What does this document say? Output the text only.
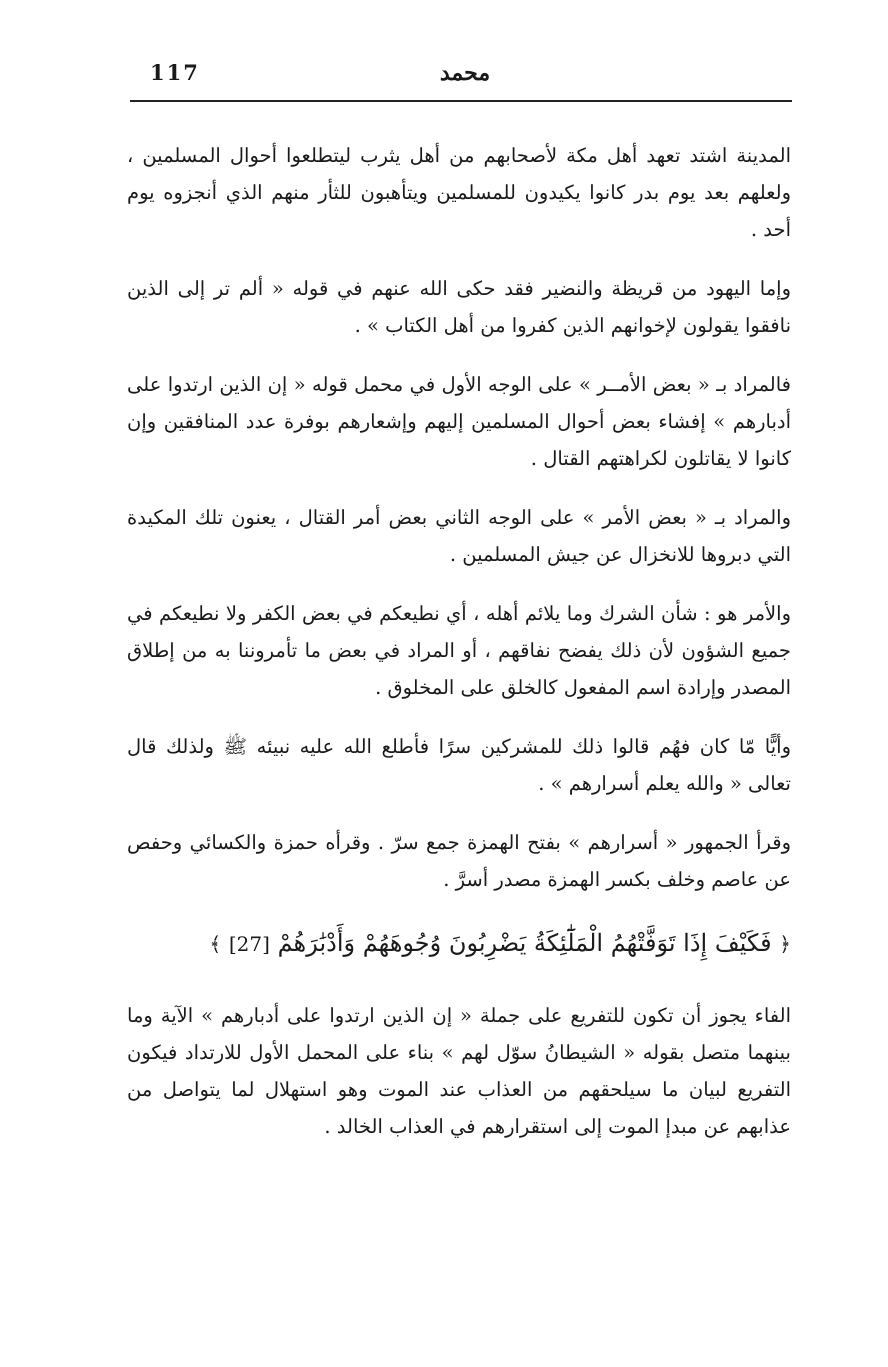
117	محمد

المدينة اشتد تعهد أهل مكة لأصحابهم من أهل يثرب ليتطلعوا أحوال المسلمين ، ولعلهم بعد يوم بدر كانوا يكيدون للمسلمين ويتأهبون للثأر منهم الذي أنجزوه يوم أحد .

وإما اليهود من قريظة والنضير فقد حكى الله عنهم في قوله « ألم تر إلى الذين نافقوا يقولون لإخوانهم الذين كفروا من أهل الكتاب » .

فالمراد بـ « بعض الأمــر » على الوجه الأول في محمل قوله « إن الذين ارتدوا على أدبارهم » إفشاء بعض أحوال المسلمين إليهم وإشعارهم بوفرة عدد المنافقين وإن كانوا لا يقاتلون لكراهتهم القتال .

والمراد بـ « بعض الأمر » على الوجه الثاني بعض أمر القتال ، يعنون تلك المكيدة التي دبروها للانخزال عن جيش المسلمين .

والأمر هو : شأن الشرك وما يلائم أهله ، أي نطيعكم في بعض الكفر ولا نطيعكم في جميع الشؤون لأن ذلك يفضح نفاقهم ، أو المراد في بعض ما تأمروننا به من إطلاق المصدر وإرادة اسم المفعول كالخلق على المخلوق .

وأيًّا مّا كان فهُم قالوا ذلك للمشركين سرًا فأطلع الله عليه نبيئه ﷺ ولذلك قال تعالى « والله يعلم أسرارهم » .

وقرأ الجمهور « أسرارهم » بفتح الهمزة جمع سرّ . وقرأه حمزة والكسائي وحفص عن عاصم وخلف بكسر الهمزة مصدر أسرَّ .

﴿ فَكَيْفَ إِذَا تَوَفَّتْهُمُ الْمَلَٰٓئِكَةُ يَضْرِبُونَ وُجُوهَهُمْ وَأَدْبَٰرَهُمْ [27] ﴾

الفاء يجوز أن تكون للتفريع على جملة « إن الذين ارتدوا على أدبارهم » الآية وما بينهما متصل بقوله « الشيطانُ سوّل لهم » بناء على المحمل الأول للارتداد فيكون التفريع لبيان ما سيلحقهم من العذاب عند الموت وهو استهلال لما يتواصل من عذابهم عن مبدإ الموت إلى استقرارهم في العذاب الخالد .
